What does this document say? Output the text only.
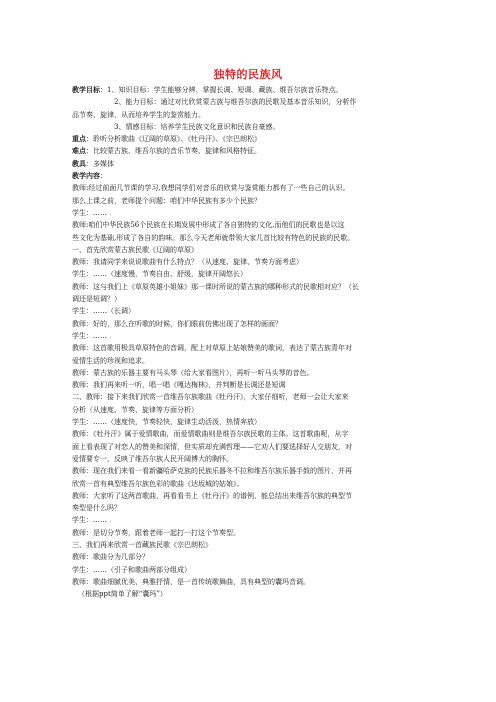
独特的民族风
教学目标：1、知识目标：学生能够分辨、掌握长调、短调、藏族、维吾尔族音乐特点。
2、能力目标：通过对比欣赏蒙古族与维吾尔族的民歌及基本音乐知识，分析作
品节奏、旋律，从而培养学生的鉴赏能力。
3、情感目标：培养学生民族文化意识和民族自豪感。
重点：聆听分析歌曲《辽阔的草原》、《牡丹汗》、《宗巴朗松》
难点：比较蒙古族、维吾尔族的音乐节奏、旋律和风格特征。
教具：多媒体
教学内容：
教师:经过前面几节课的学习,我想同学们对音乐的欣赏与鉴赏能力都有了一些自己的认识。
那么上课之前，老师提个问题：咱们中华民族有多少个民族？
学生：……
教师:咱们中华民族56个民族在长期发展中形成了各自独特的文化,而他们的民歌也是以这
些文化为基础,形成了各自的韵味。那么今天老师就带领大家几首比较有特色的民族的民歌。
一、首先欣赏蒙古族民歌《辽阔的草原》
教师：我请同学来说说歌曲有什么特点？（从速度、旋律、节奏方面考虑）
学生：……（速度慢，节奏自由、舒缓，旋律开阔悠长）
教师：这与我们上《草原英雄小姐妹》那一课时所说的蒙古族的哪种形式的民歌相对应？（长
调还是短调？）
学生：……（长调）
教师：好的，那么在听歌的时候，你们眼前仿佛出现了怎样的画面？
学生：……
教师：这首歌用极具草原特色的音调，配上对草原上姑娘赞美的歌词，表达了蒙古族青年对
爱情生活的珍视和追求。
教师：蒙古族的乐器主要有马头琴（给大家看图片），再听一听马头琴的音色。
教师：我们再来听一听，唱一唱《嘎达梅林》，并判断是长调还是短调
二、教师：接下来我们欣赏一首维吾尔族歌曲《牡丹汗》，大家仔细听，老师一会让大家来
分析（从速度、节奏、旋律等方面分析）
学生：……（速度快，节奏轻快，旋律生动活泼，热情奔放）
教师：《牡丹汗》属于爱情歌曲，而爱情歌曲则是维吾尔族民歌的主体。这首歌曲呢，从字
面上看表现了对恋人的赞美和深情，但实质却充满哲理——它劝人们要选择好人交朋友，对
爱情要专一，反映了维吾尔族人民开阔博大的胸怀。
教师：现在我们来看一看新疆哈萨克族的民族乐器冬不拉和维吾尔族乐器手鼓的图片，并再
欣赏一首有典型维吾尔族色彩的歌曲《达坂城的姑娘》。
教师：大家听了这两首歌曲，再看看书上《牡丹汗》的谱例，能总结出来维吾尔族的典型节
奏型是什么吗？
学生：……
教师：是切分节奏，跟着老师一起打一打这个节奏型。
三、我们再来欣赏一首藏族民歌《宗巴朗松》
教师：歌曲分为几部分？
学生：……（引子和歌曲两部分组成）
教师：歌曲细腻优美、典雅抒情，是一首传统歌舞曲，具有典型的囊玛音调。
（根据ppt简单了解“囊玛”）
